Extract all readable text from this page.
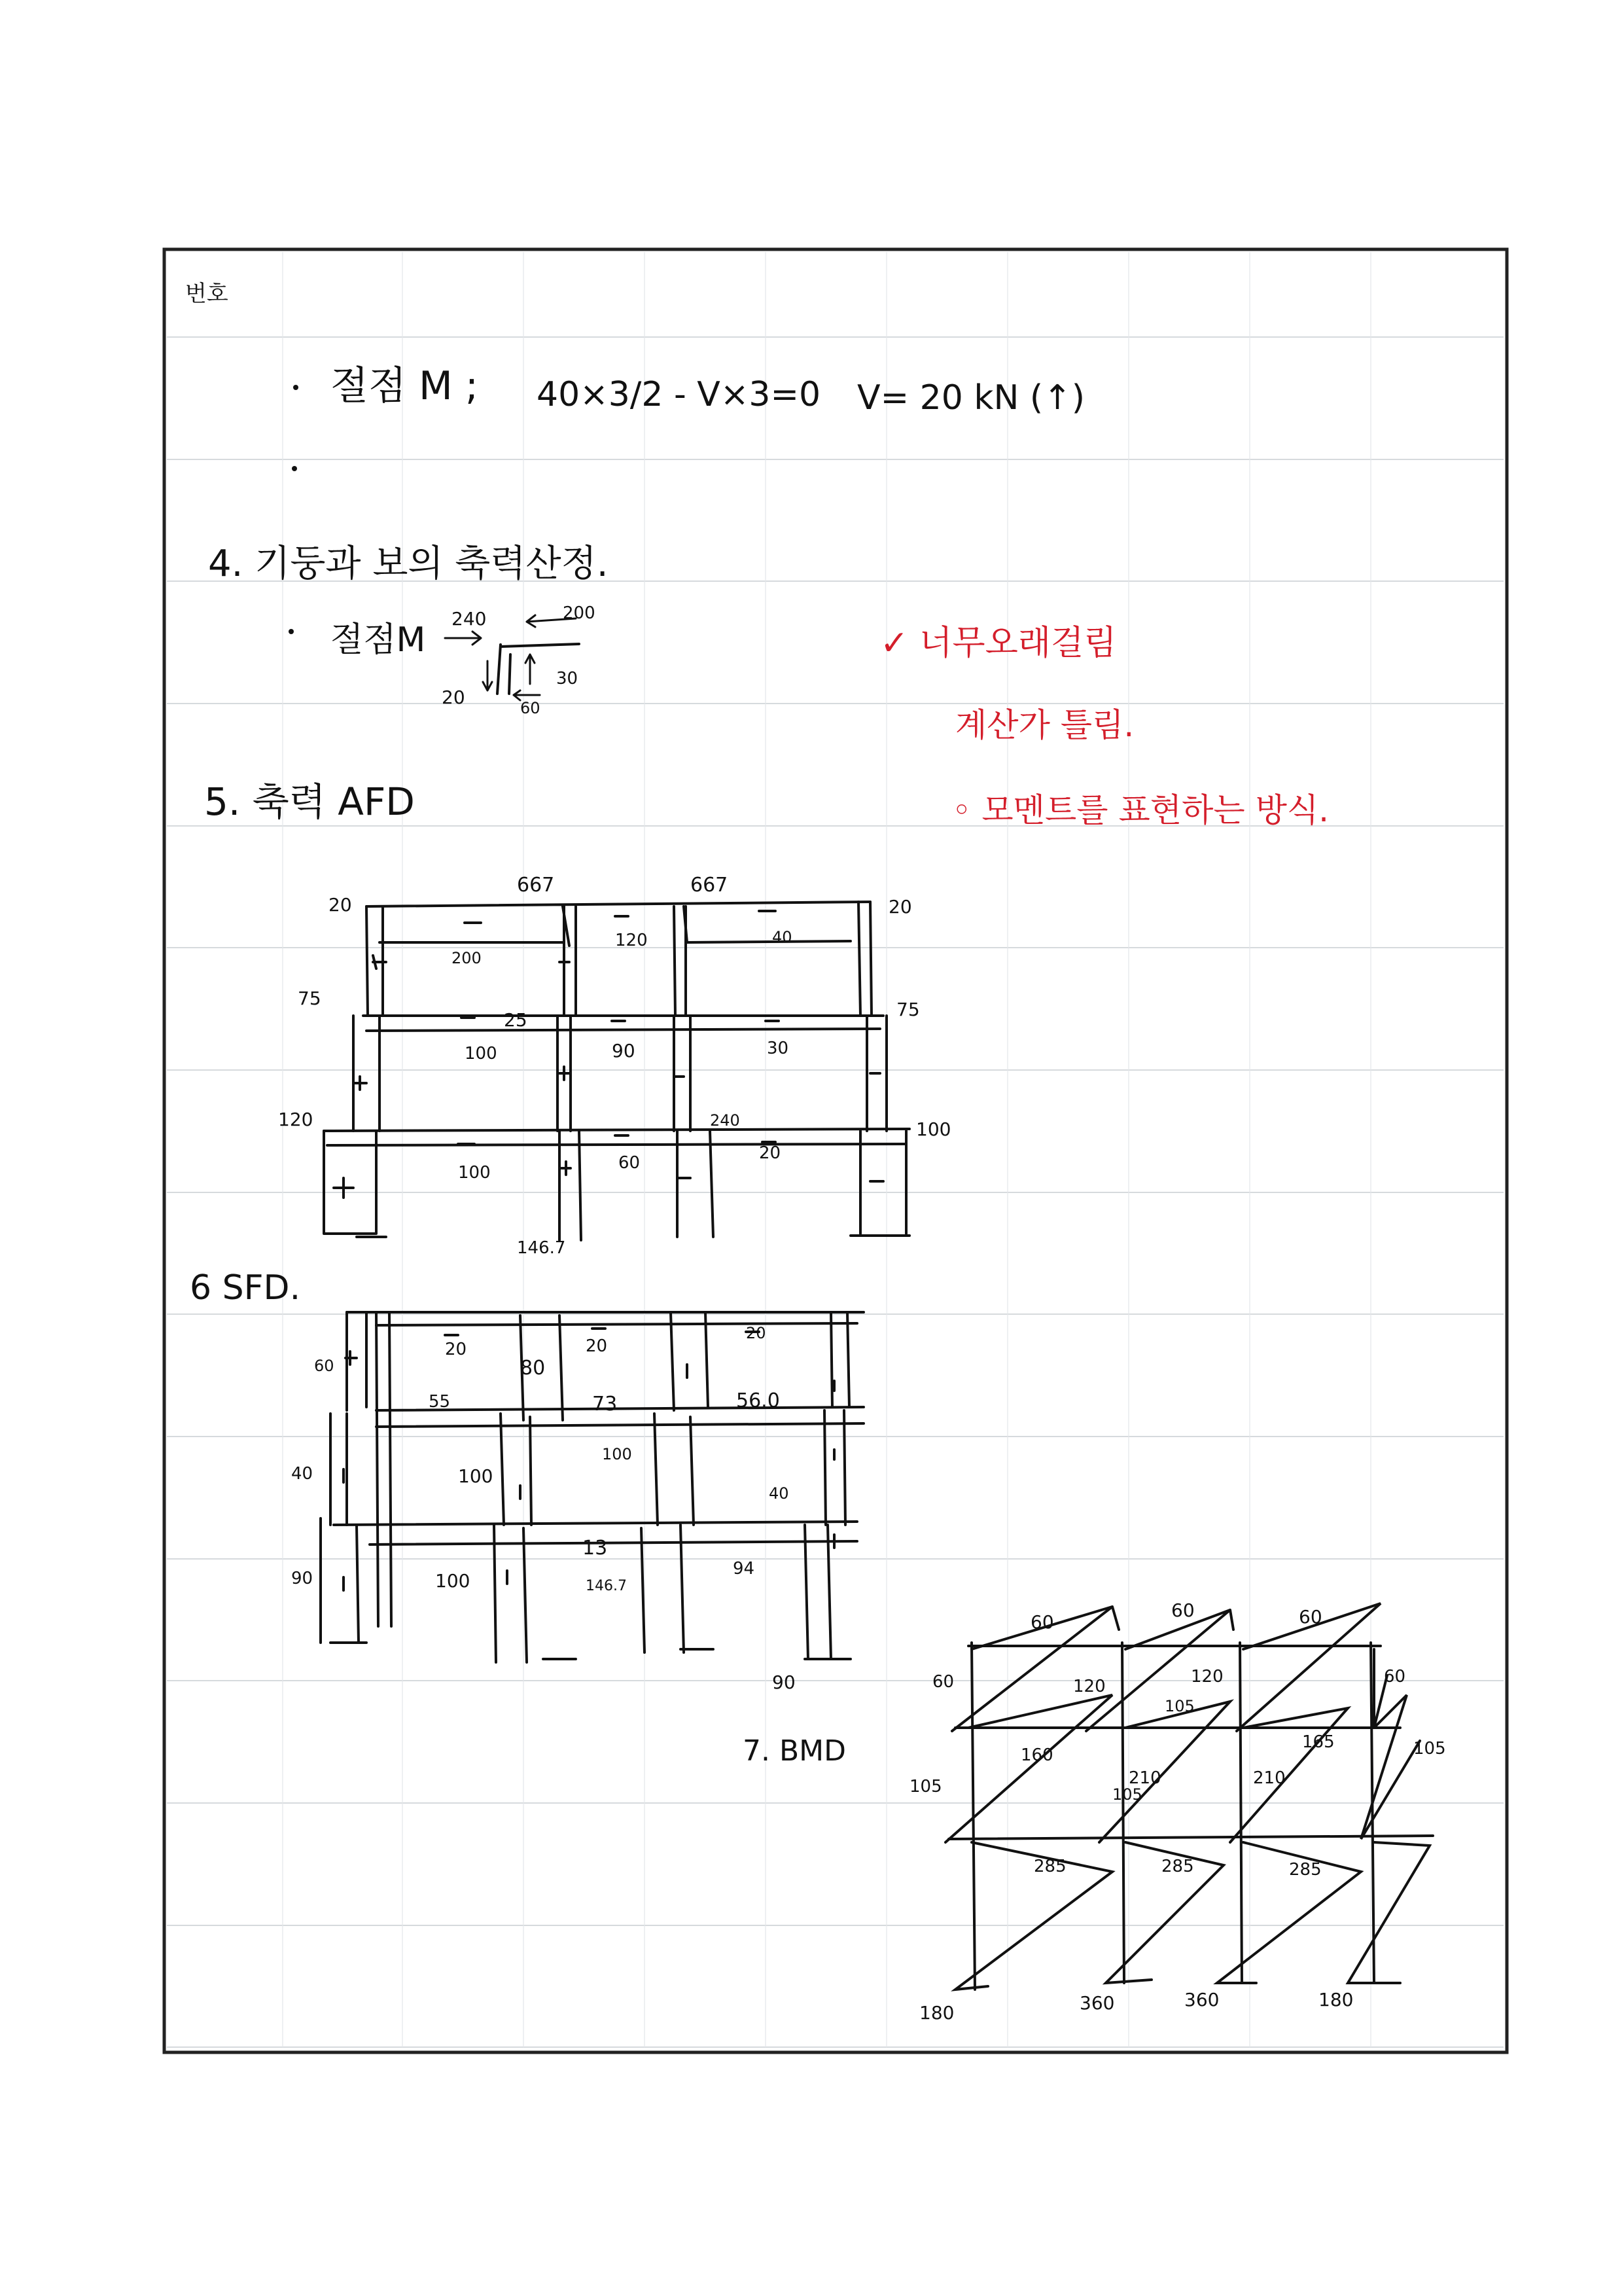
번호
절점 M ; 40×3/2 - V×3=0 V= 20 kN (↑)
4. 기둥과 보의 축력산정.
절점M
240	200
20
30
60
✓ 너무오래걸림
계산가 틀림.
◦ 모멘트를 표현하는 방식.
5. 축력 AFD
20
667	667
20
200
120	40
75
25	75
100	90	30
120	240	100
100	60	20
146.7
6 SFD.
60
20
80
20
20
55	73	56.0
40	100
100
40
90	100
13
146.7
94
90
7. BMD
60
60	60
60	120	120	60
105
105
105
160
165
105
210	210
285	285	285
180	360	360	180
